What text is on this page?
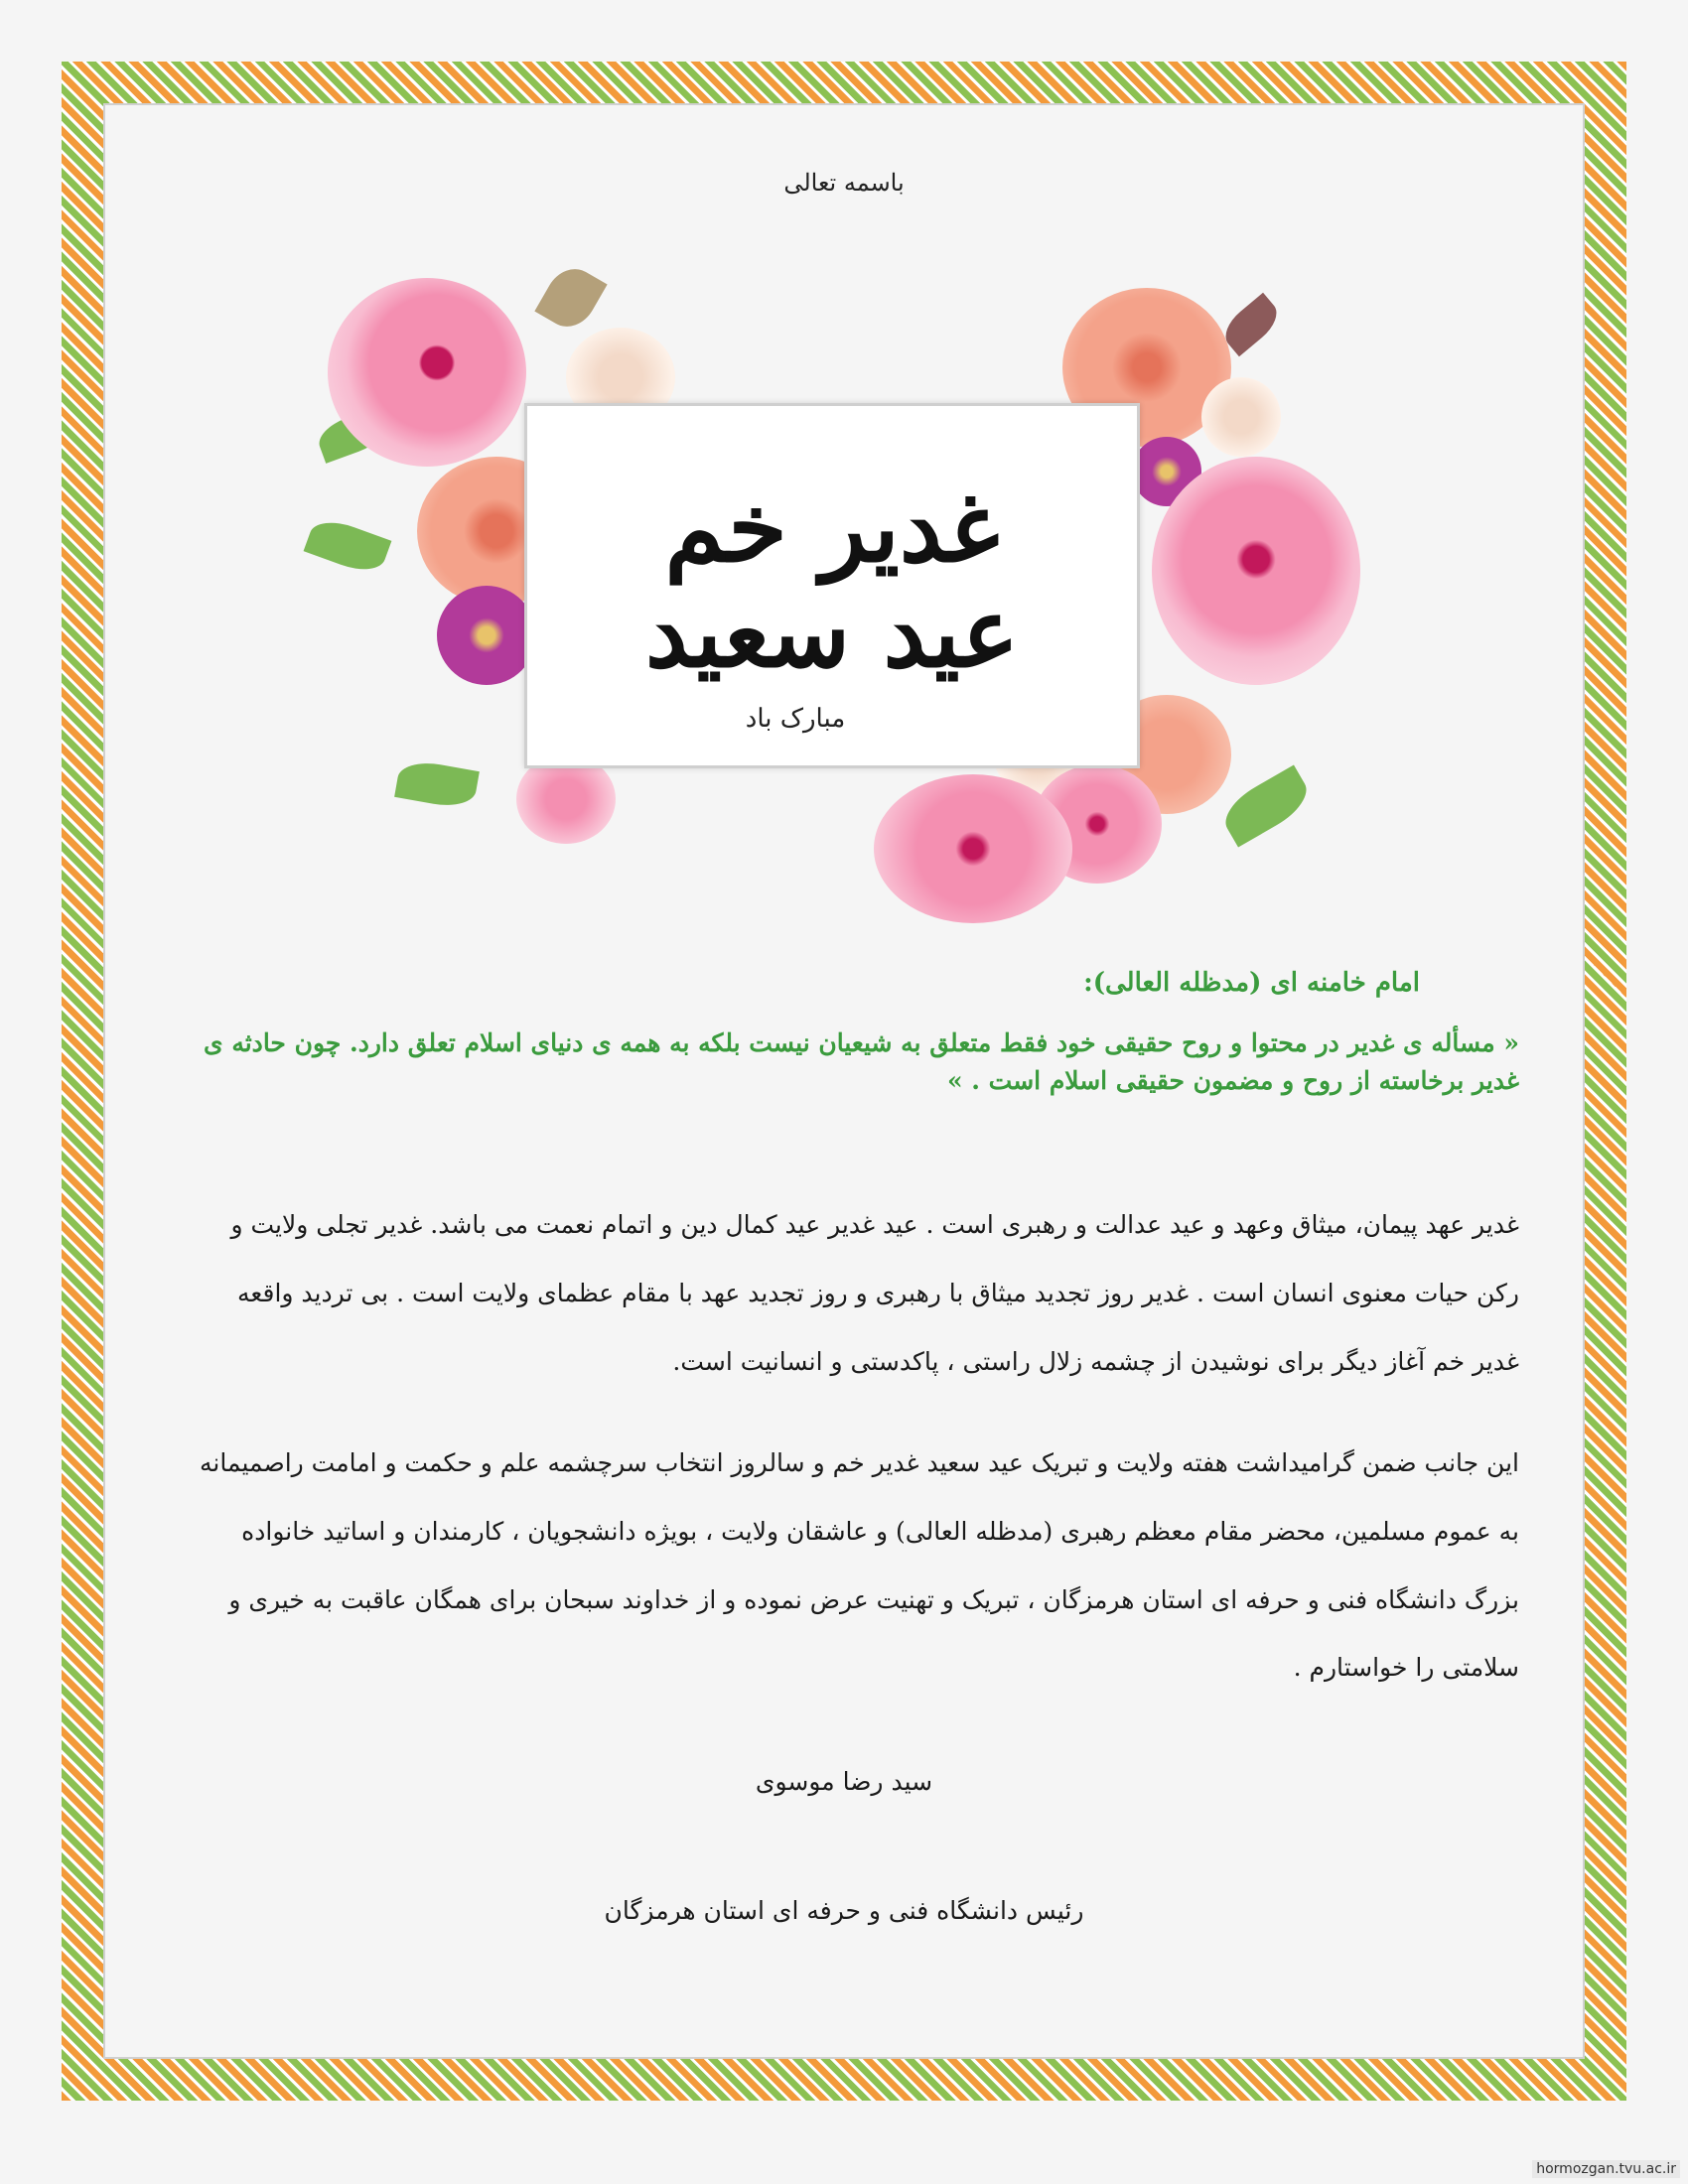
باسمه تعالی
غدیر خم
عید سعید
مبارک باد
امام خامنه ای (مدظله العالی):
« مسأله ی غدیر در محتوا و روح حقیقی خود فقط متعلق به شیعیان نیست بلکه به همه ی دنیای اسلام تعلق دارد. چون حادثه ی غدیر برخاسته از روح و مضمون حقیقی اسلام است . »
غدیر عهد پیمان، میثاق وعهد و عید عدالت و رهبری است . عید غدیر عید کمال دین و اتمام نعمت می باشد. غدیر تجلی ولایت و رکن حیات معنوی انسان است . غدیر روز تجدید میثاق با رهبری و روز تجدید عهد با مقام عظمای ولایت است . بی تردید واقعه غدیر خم آغاز دیگر برای نوشیدن از چشمه زلال راستی ، پاکدستی و انسانیت است.
این جانب ضمن گرامیداشت هفته ولایت و تبریک عید سعید غدیر خم و سالروز انتخاب سرچشمه علم و حکمت و امامت راصمیمانه به عموم مسلمین، محضر مقام معظم رهبری (مدظله العالی) و عاشقان ولایت ، بویژه دانشجویان ، کارمندان و اساتید خانواده بزرگ دانشگاه فنی و حرفه ای استان هرمزگان ، تبریک و تهنیت عرض نموده و از خداوند سبحان برای همگان عاقبت به خیری و سلامتی را خواستارم .
سید رضا موسوی
رئیس دانشگاه فنی و حرفه ای استان هرمزگان
hormozgan.tvu.ac.ir
